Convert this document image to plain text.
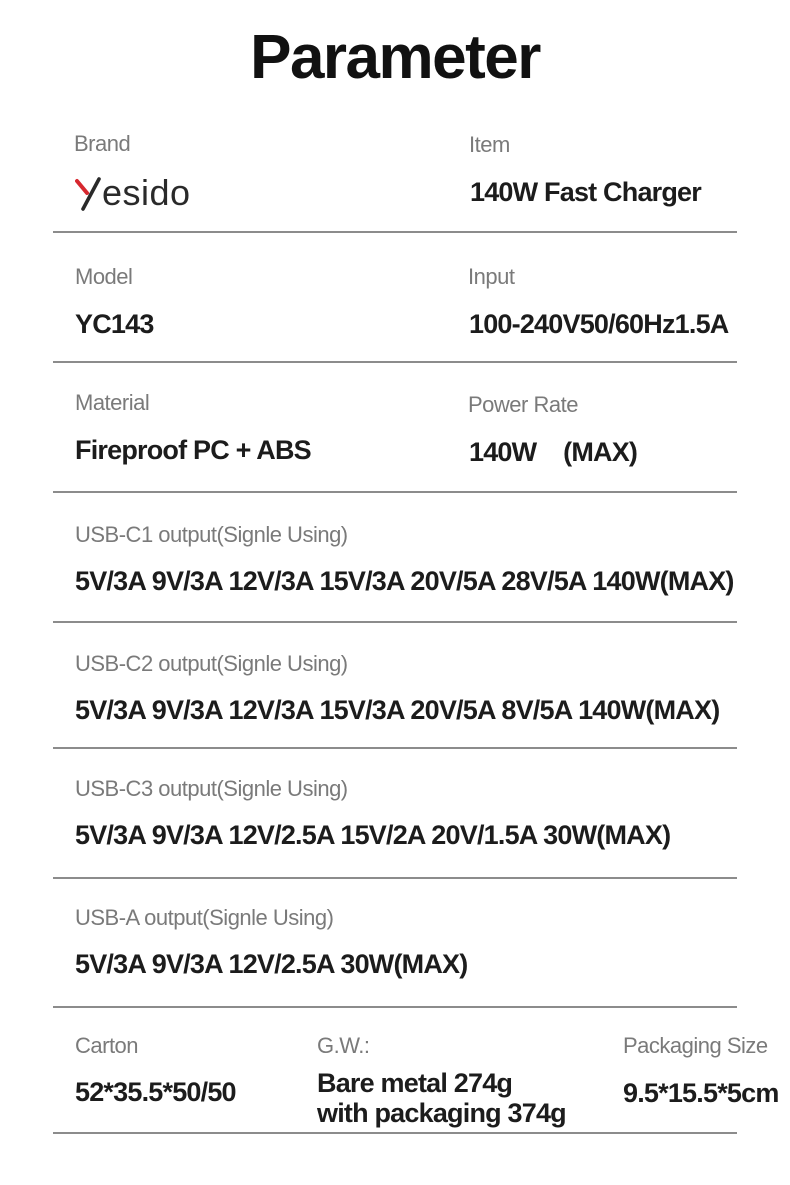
Parameter
Brand
esido
Item
140W Fast Charger
Model
YC143
Input
100-240V50/60Hz1.5A
Material
Fireproof PC + ABS
Power Rate
140W    (MAX)
USB-C1 output(Signle Using)
5V/3A 9V/3A 12V/3A 15V/3A 20V/5A 28V/5A 140W(MAX)
USB-C2 output(Signle Using)
5V/3A 9V/3A 12V/3A 15V/3A 20V/5A 8V/5A 140W(MAX)
USB-C3 output(Signle Using)
5V/3A 9V/3A 12V/2.5A 15V/2A 20V/1.5A 30W(MAX)
USB-A output(Signle Using)
5V/3A 9V/3A 12V/2.5A 30W(MAX)
Carton
52*35.5*50/50
G.W.:
Bare metal 274g
with packaging 374g
Packaging Size
9.5*15.5*5cm
